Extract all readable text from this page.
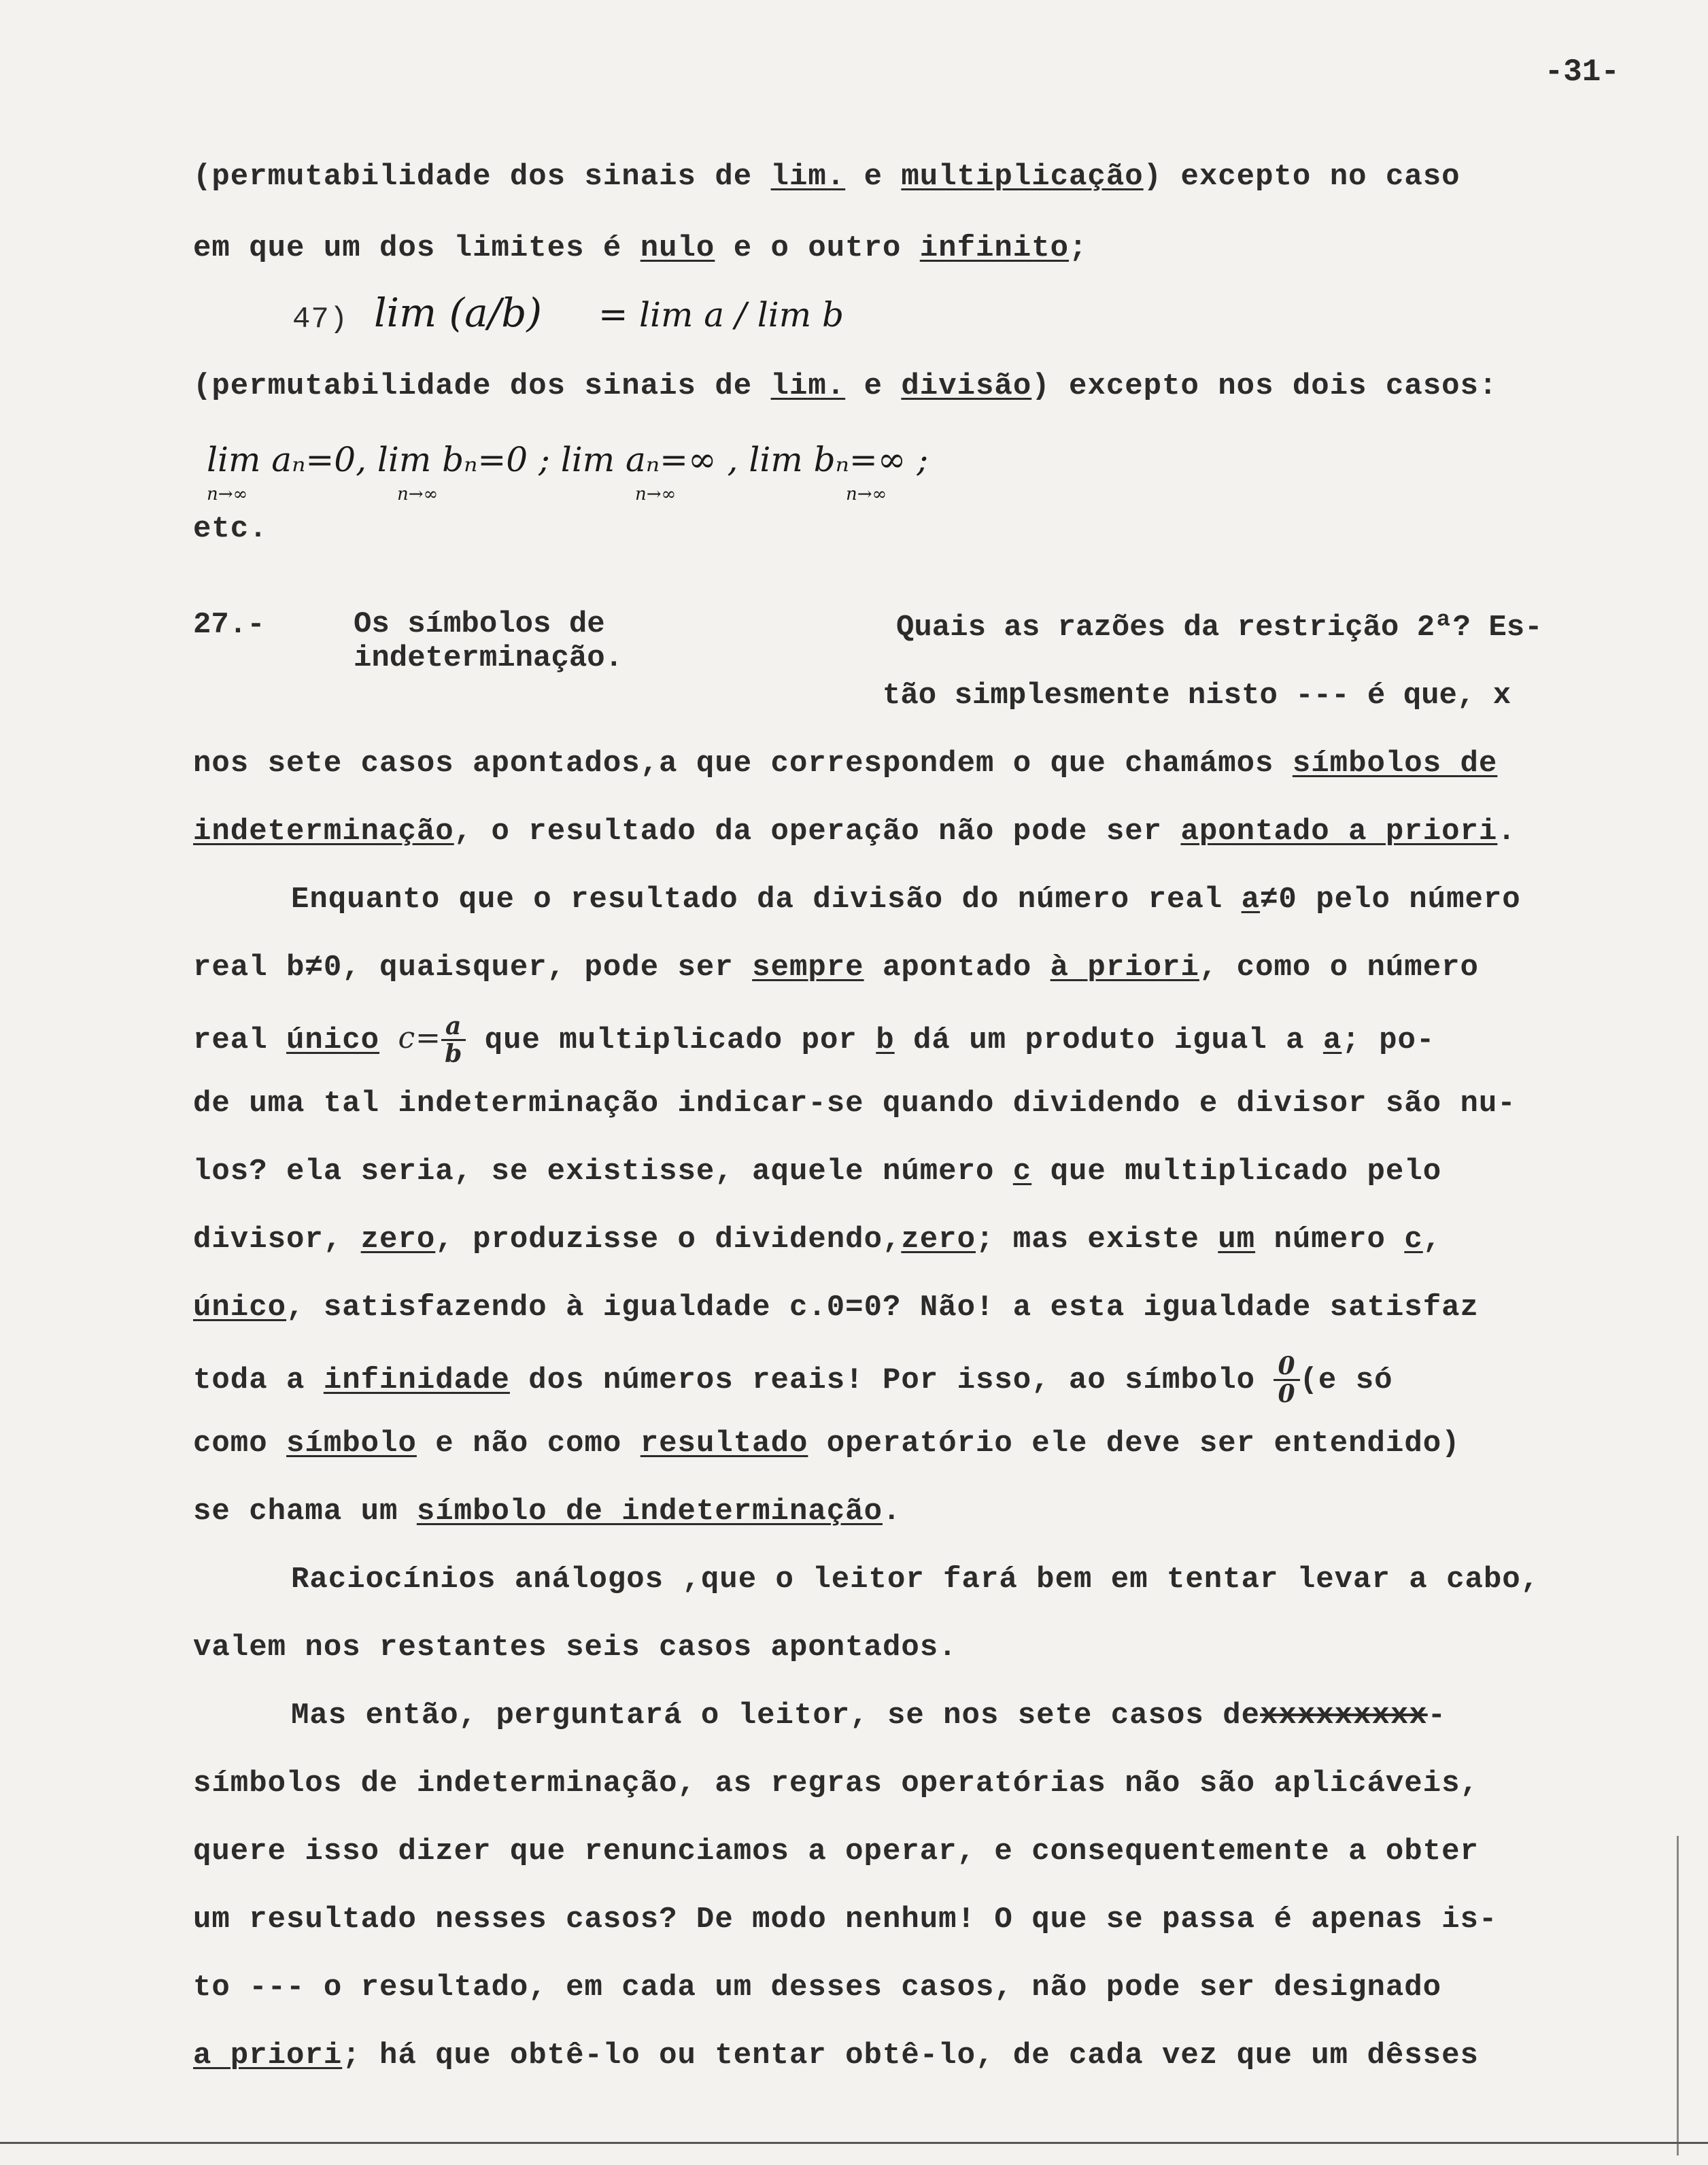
-31-
(permutabilidade dos sinais de lim. e multiplicação) excepto no caso
em que um dos limites é nulo e o outro infinito;
47) lim (a/b) = lim a / lim b
(permutabilidade dos sinais de lim. e divisão) excepto nos dois casos:
lim aₙ=0, lim bₙ=0 ; lim aₙ=∞ , lim bₙ=∞ ;
n→∞	n→∞	n→∞	n→∞
etc.
27.-	Os símbolos de indeterminação.
Quais as razões da restrição 2ª? Es-
tão simplesmente nisto --- é que, x
nos sete casos apontados,a que correspondem o que chamámos símbolos de
indeterminação, o resultado da operação não pode ser apontado a priori.
Enquanto que o resultado da divisão do número real a≠0 pelo número
real b≠0, quaisquer, pode ser sempre apontado à priori, como o número
real único $c= \frac{a}{b}$ que multiplicado por b dá um produto igual a a; po-
de uma tal indeterminação indicar-se quando dividendo e divisor são nu-
los? ela seria, se existisse, aquele número c que multiplicado pelo
divisor, zero, produzisse o dividendo,zero; mas existe um número c,
único, satisfazendo à igualdade c.0=0? Não! a esta igualdade satisfaz
toda a infinidade dos números reais! Por isso, ao símbolo $\frac{0}{0} (e$ só
como símbolo e não como resultado operatório ele deve ser entendido)
se chama um símbolo de indeterminação.
Raciocínios análogos ,que o leitor fará bem em tentar levar a cabo,
valem nos restantes seis casos apontados.
Mas então, perguntará o leitor, se nos sete casos dexxxxxxxxx-
símbolos de indeterminação, as regras operatórias não são aplicáveis,
quere isso dizer que renunciamos a operar, e consequentemente a obter
um resultado nesses casos? De modo nenhum! O que se passa é apenas is-
to --- o resultado, em cada um desses casos, não pode ser designado
a priori; há que obtê-lo ou tentar obtê-lo, de cada vez que um dêsses
